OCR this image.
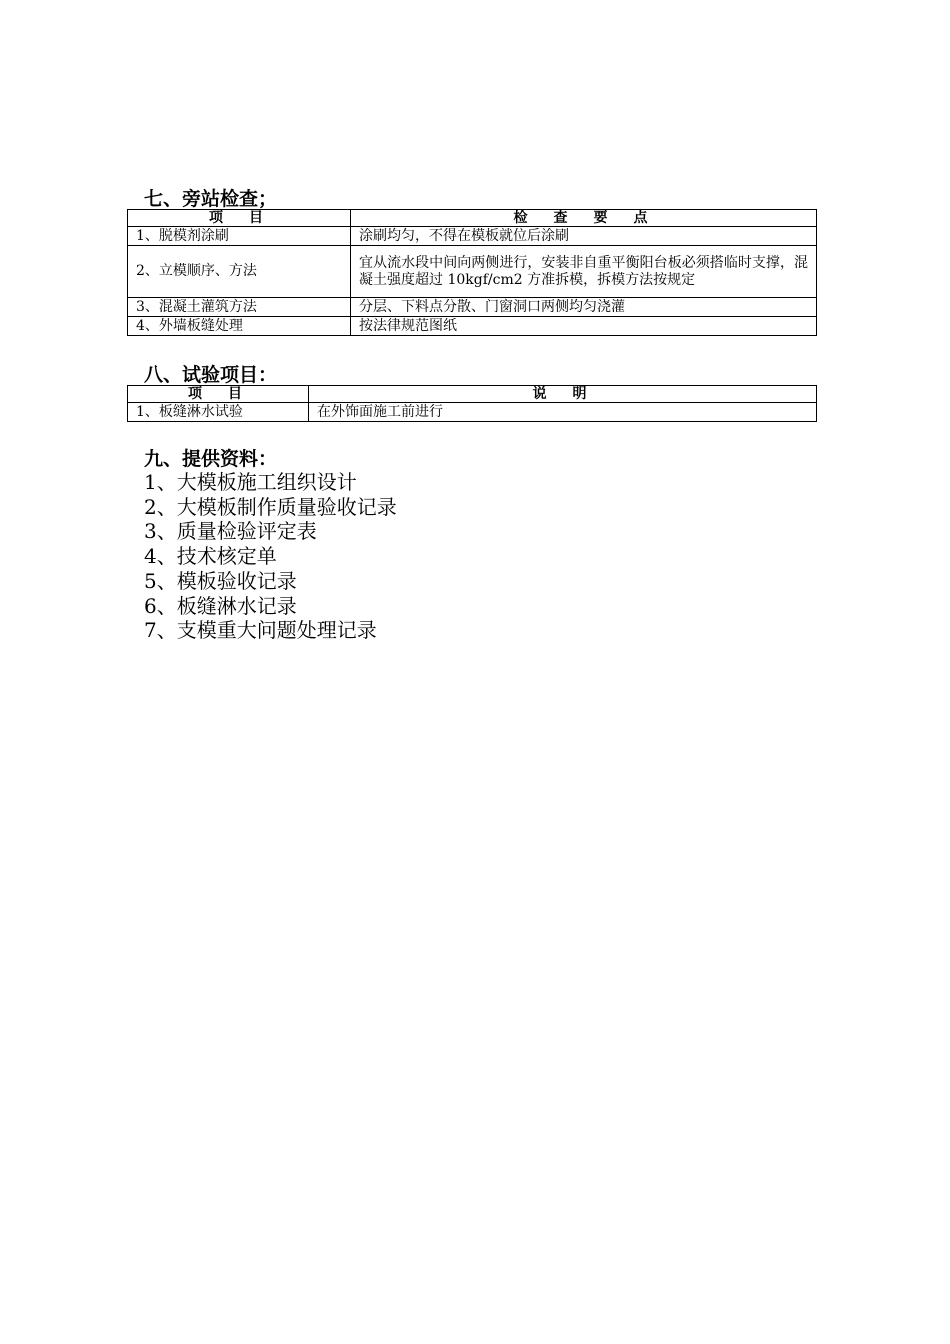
七、旁站检查；
项　目	检　查　要　点
1、脱模剂涂刷	涂刷均匀，不得在模板就位后涂刷
2、立模顺序、方法	宜从流水段中间向两侧进行，安装非自重平衡阳台板必须搭临时支撑，混凝土强度超过 10kgf/cm2 方准拆模，拆模方法按规定
3、混凝土灌筑方法	分层、下料点分散、门窗洞口两侧均匀浇灌
4、外墙板缝处理	按法律规范图纸
八、试验项目：
项　目	说　明
1、板缝淋水试验	在外饰面施工前进行
九、提供资料：
1、大模板施工组织设计
2、大模板制作质量验收记录
3、质量检验评定表
4、技术核定单
5、模板验收记录
6、板缝淋水记录
7、支模重大问题处理记录
